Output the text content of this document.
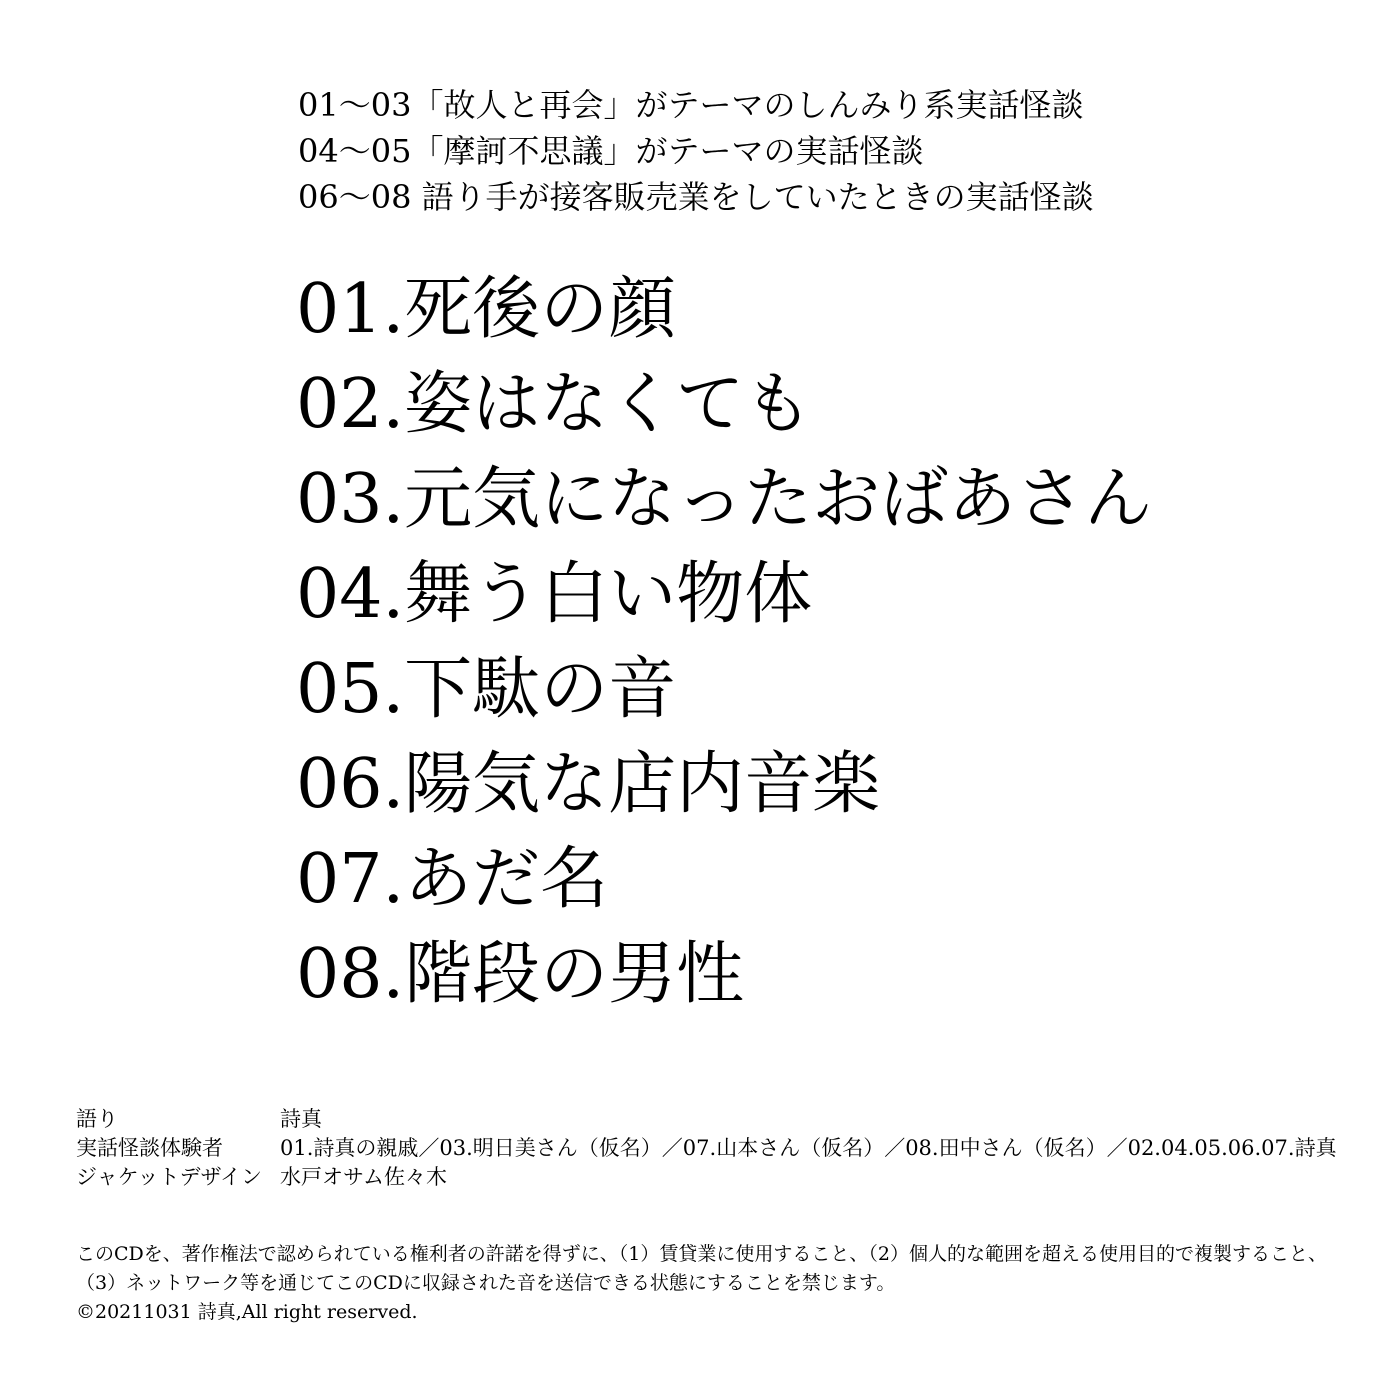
01～03「故人と再会」がテーマのしんみり系実話怪談
04～05「摩訶不思議」がテーマの実話怪談
06～08 語り手が接客販売業をしていたときの実話怪談
01.死後の顔
02.姿はなくても
03.元気になったおばあさん
04.舞う白い物体
05.下駄の音
06.陽気な店内音楽
07.あだ名
08.階段の男性
語り	詩真
実話怪談体験者	01.詩真の親戚／03.明日美さん（仮名）／07.山本さん（仮名）／08.田中さん（仮名）／02.04.05.06.07.詩真
ジャケットデザイン 水戸オサム佐々木
このCDを、著作権法で認められている権利者の許諾を得ずに、（1）賃貸業に使用すること、（2）個人的な範囲を超える使用目的で複製すること、
（3）ネットワーク等を通じてこのCDに収録された音を送信できる状態にすることを禁じます。
©20211031 詩真,All right reserved.
